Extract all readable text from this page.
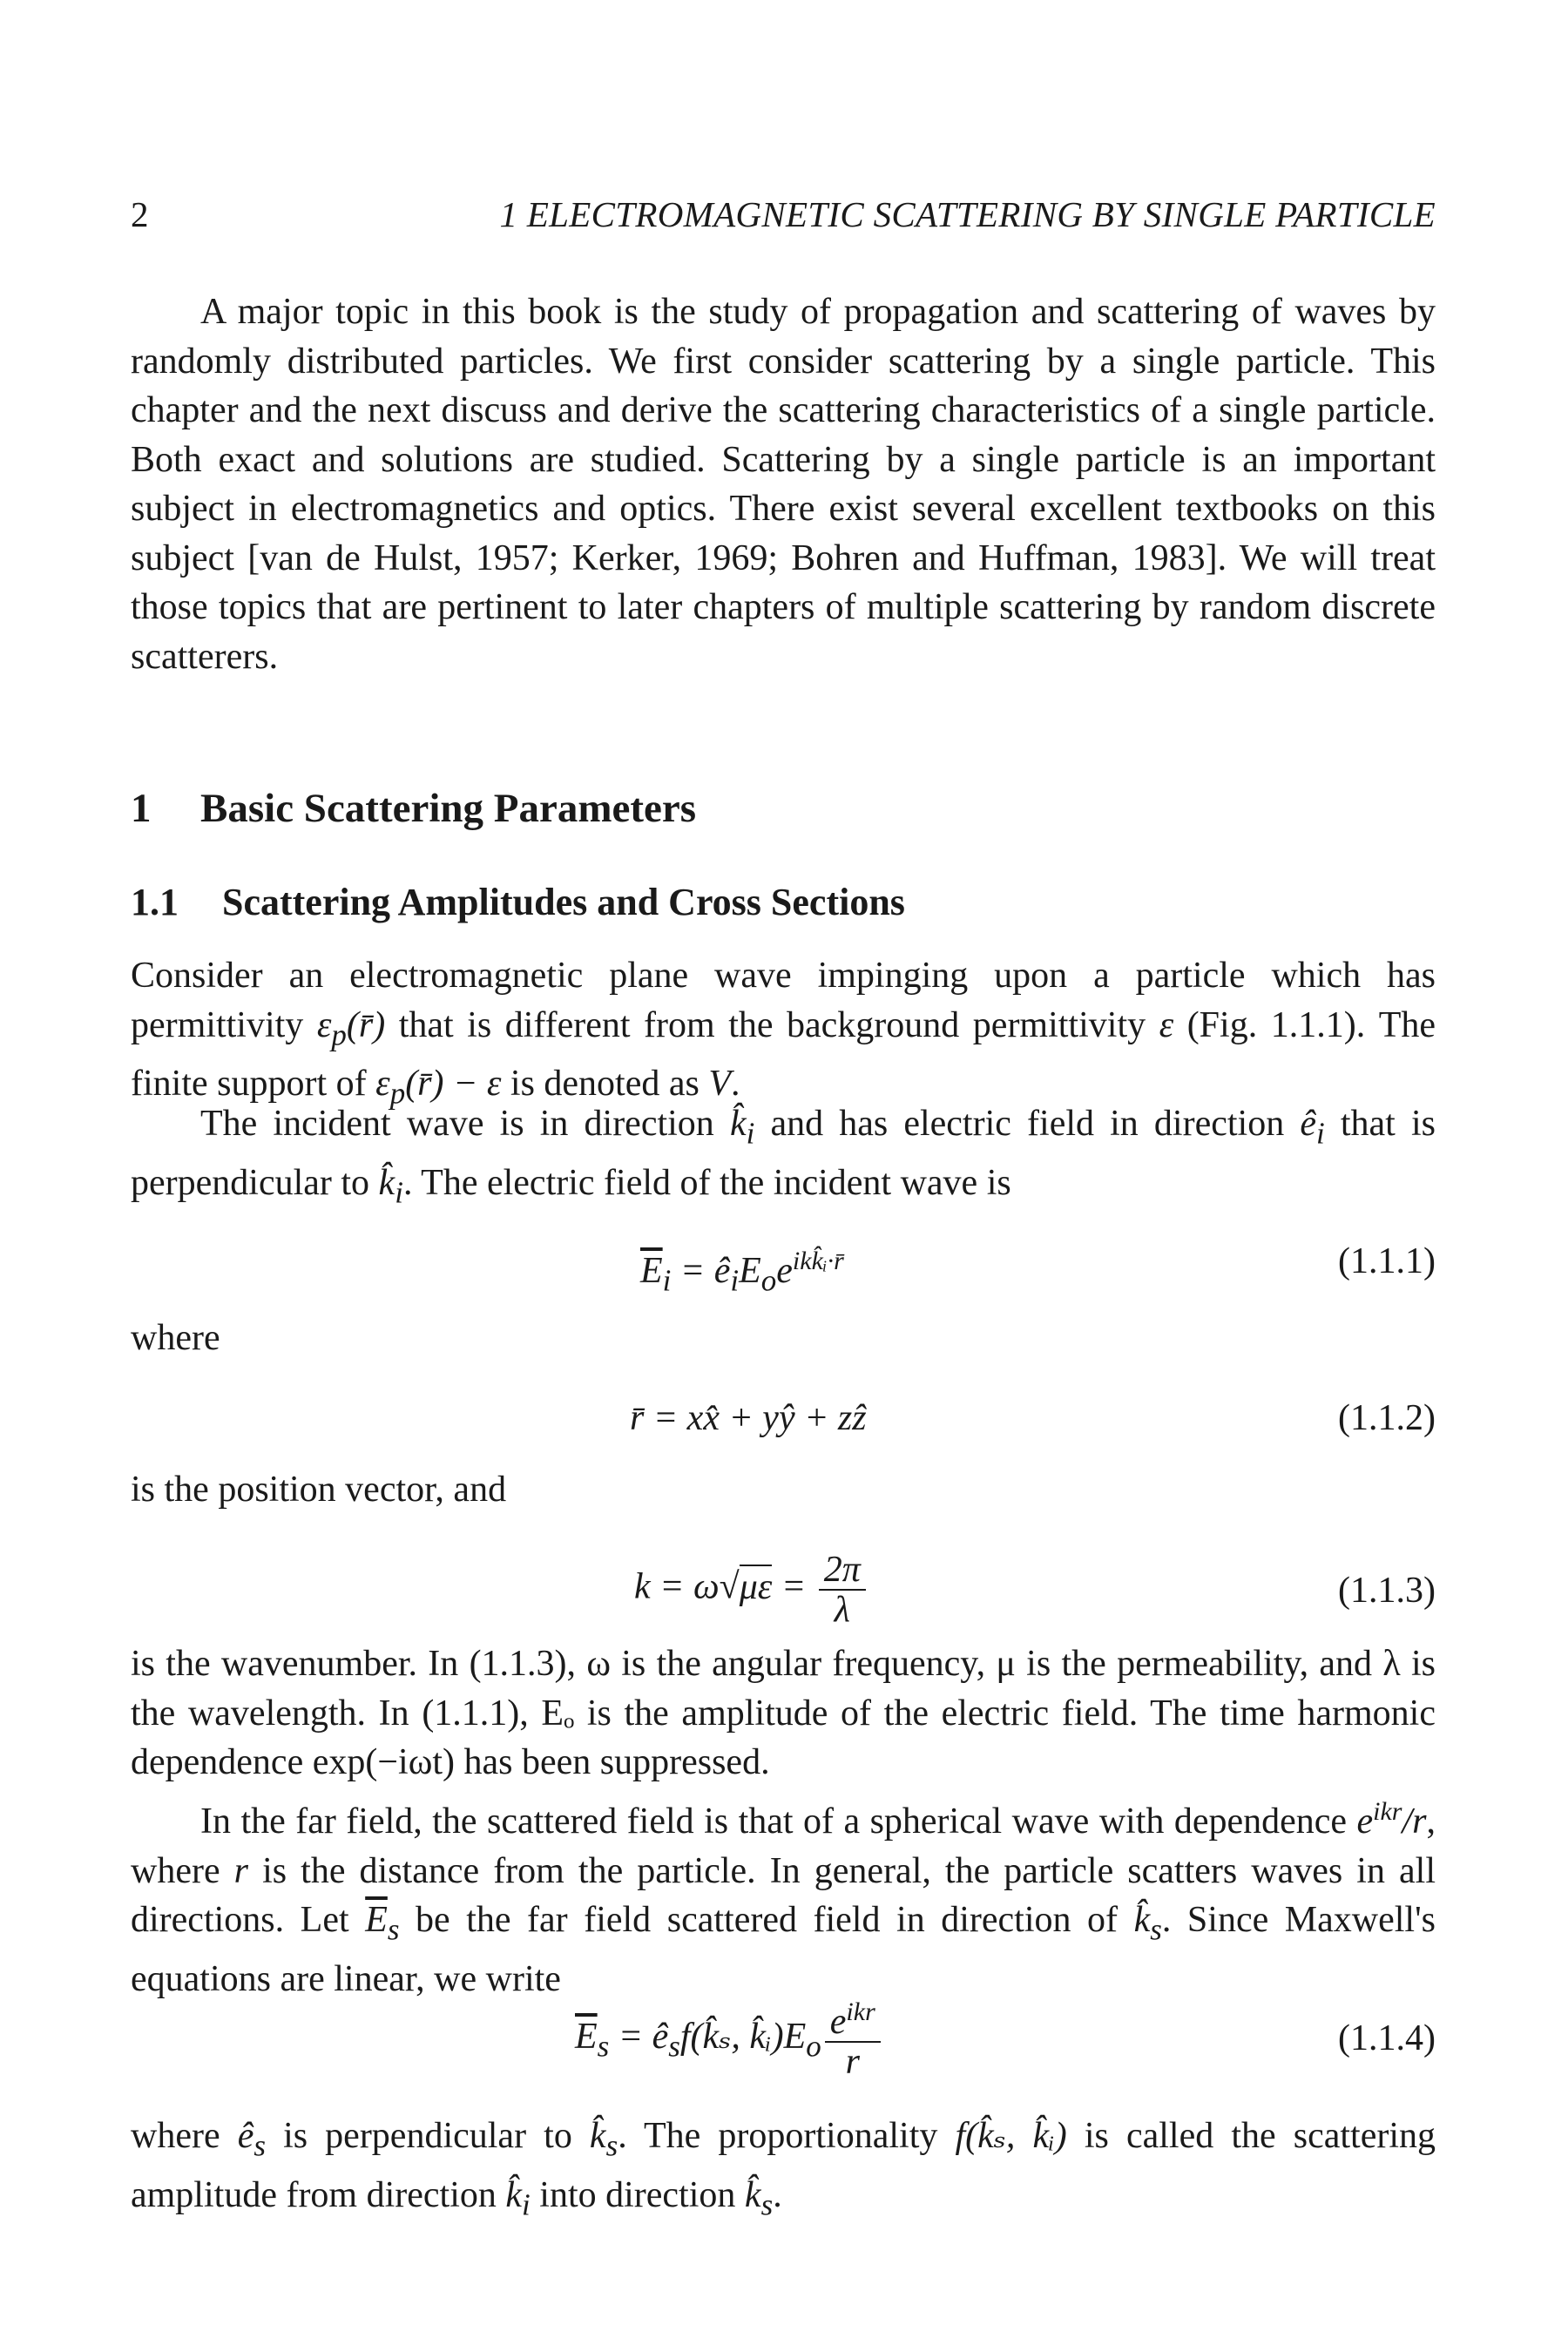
2	1 ELECTROMAGNETIC SCATTERING BY SINGLE PARTICLE

A major topic in this book is the study of propagation and scattering of waves by randomly distributed particles. We first consider scattering by a single particle. This chapter and the next discuss and derive the scattering characteristics of a single particle. Both exact and solutions are studied. Scattering by a single particle is an important subject in electromagnetics and optics. There exist several excellent textbooks on this subject [van de Hulst, 1957; Kerker, 1969; Bohren and Huffman, 1983]. We will treat those topics that are pertinent to later chapters of multiple scattering by random discrete scatterers.

1 Basic Scattering Parameters
1.1 Scattering Amplitudes and Cross Sections

Consider an electromagnetic plane wave impinging upon a particle which has permittivity $\varepsilon_p(r̄)$ that is different from the background permittivity ε (Fig. 1.1.1). The finite support of $\varepsilon_p(r̄) - \varepsilon$ is denoted as V.

The incident wave is in direction $k̂_i$ and has electric field in direction $ê_i$ that is perpendicular to $k̂_i$. The electric field of the incident wave is

$\overline{E}_i$ = $ê_iE_oe^{ikk̂ᵢ\cdot r̄}$	(1.1.1)
where
r̄ = xx̂ + yŷ + zẑ	(1.1.2)
is the position vector, and
$k = \omega√\mu\varepsilon = \frac{2\pi}{\lambda}$	(1.1.3)

is the wavenumber. In (1.1.3), ω is the angular frequency, μ is the permeability, and λ is the wavelength. In (1.1.1), Eₒ is the amplitude of the electric field. The time harmonic dependence exp(−iωt) has been suppressed.

In the far field, the scattered field is that of a spherical wave with dependence $e^{ikr}/r$, where r is the distance from the particle. In general, the particle scatters waves in all directions. Let $\overline{E}_s$ be the far field scattered field in direction of $k̂_s$. Since Maxwell's equations are linear, we write

$\overline{E}_s$ = $ê_sf(k̂_s$, $k̂ᵢ)E_o \frac{e^{ikr}}{r}$	(1.1.4)

where $ê_s$ is perpendicular to $k̂_s$. The proportionality f(k̂ₛ, k̂ᵢ) is called the scattering amplitude from direction $k̂_i$ into direction $k̂_s$.
